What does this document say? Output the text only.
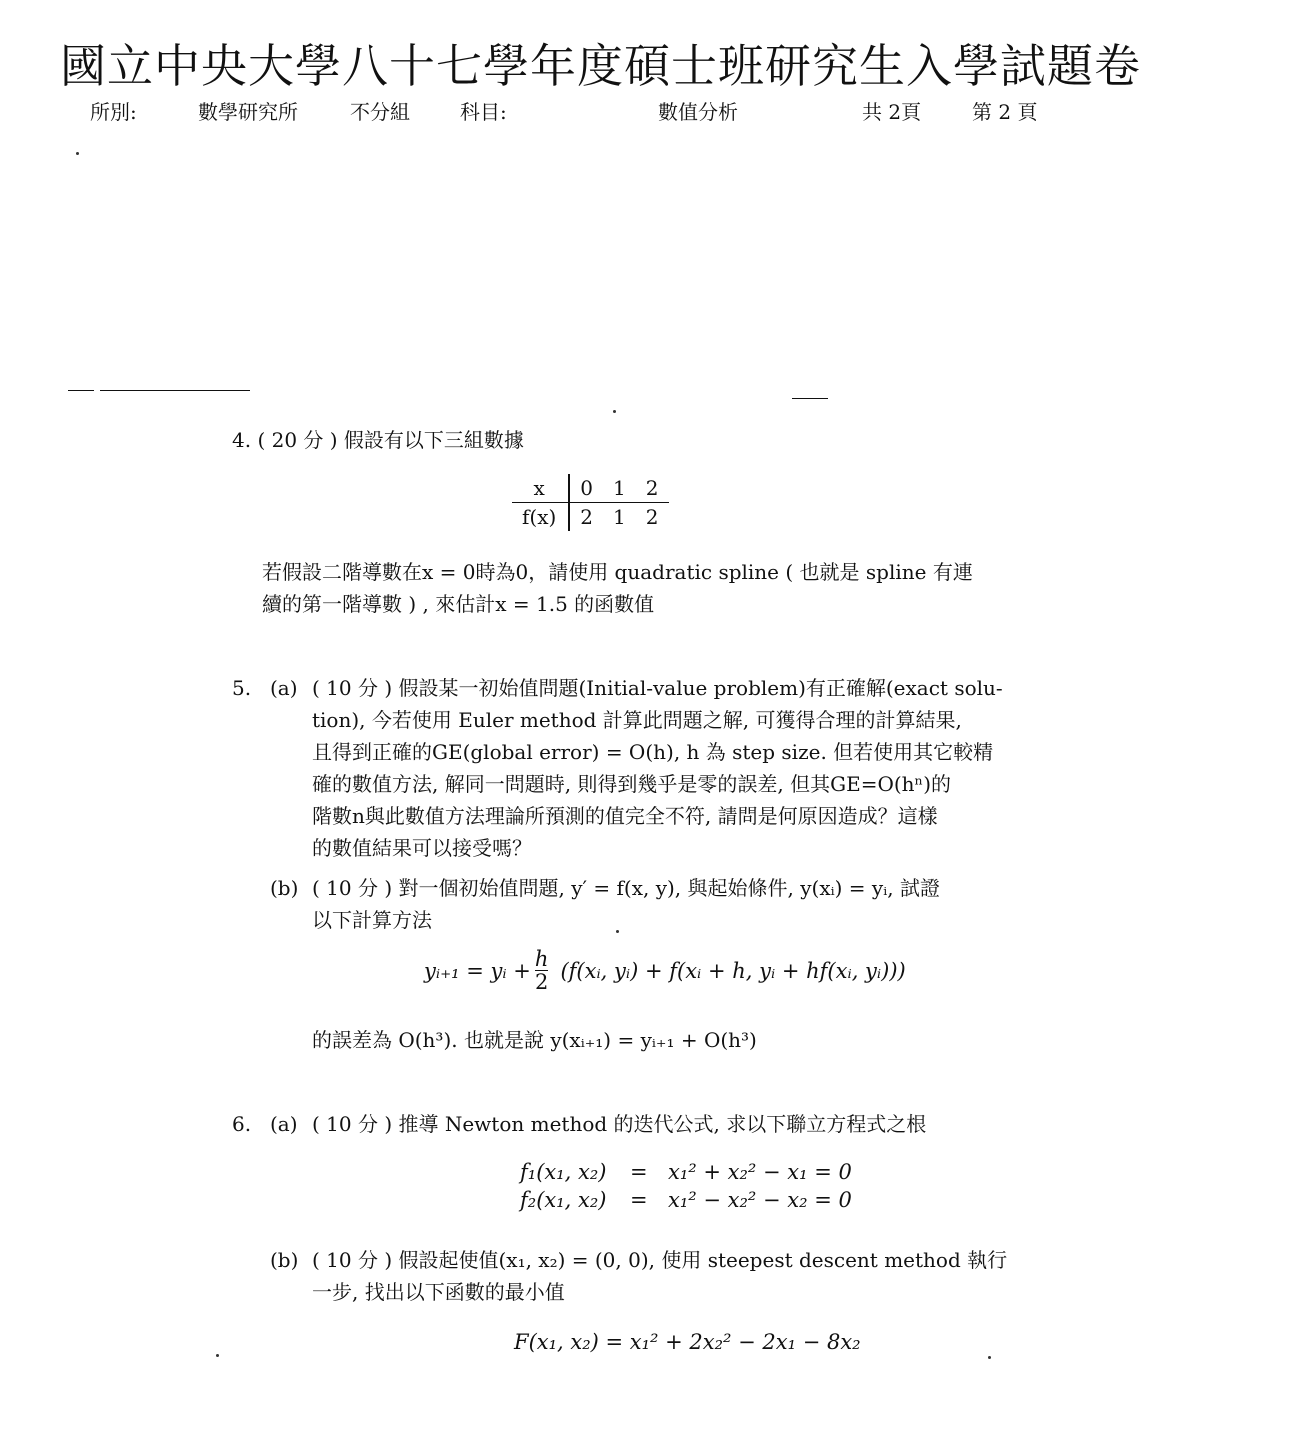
國立中央大學八十七學年度碩士班研究生入學試題卷
所別:	數學研究所	不分組	科目:	數值分析	共 2頁	第 2 頁
4. ( 20 分 ) 假設有以下三組數據
x	0	1	2
f(x)	2	1	2
若假設二階導數在x = 0時為0，請使用 quadratic spline ( 也就是 spline 有連
續的第一階導數 ) , 來估計x = 1.5 的函數值
5. (a) ( 10 分 ) 假設某一初始值問題(Initial-value problem)有正確解(exact solu-
tion), 今若使用 Euler method 計算此問題之解, 可獲得合理的計算結果,
且得到正確的GE(global error) = O(h), h 為 step size. 但若使用其它較精
確的數值方法, 解同一問題時, 則得到幾乎是零的誤差, 但其GE=O(hⁿ)的
階數n與此數值方法理論所預測的值完全不符, 請問是何原因造成？這樣
的數值結果可以接受嗎？
(b) ( 10 分 ) 對一個初始值問題, y′ = f(x, y), 與起始條件, y(xᵢ) = yᵢ, 試證
以下計算方法
yᵢ₊₁ = yᵢ + $\frac{h}{2}$ (f(xᵢ, yᵢ) + f(xᵢ + h, yᵢ + hf(xᵢ, yᵢ)))
的誤差為 O(h³). 也就是說 y(xᵢ₊₁) = yᵢ₊₁ + O(h³)
6. (a) ( 10 分 ) 推導 Newton method 的迭代公式, 求以下聯立方程式之根
f₁(x₁, x₂) = x₁² + x₂² − x₁ = 0
f₂(x₁, x₂) = x₁² − x₂² − x₂ = 0
(b) ( 10 分 ) 假設起使值(x₁, x₂) = (0, 0), 使用 steepest descent method 執行
一步, 找出以下函數的最小值
F(x₁, x₂) = x₁² + 2x₂² − 2x₁ − 8x₂
